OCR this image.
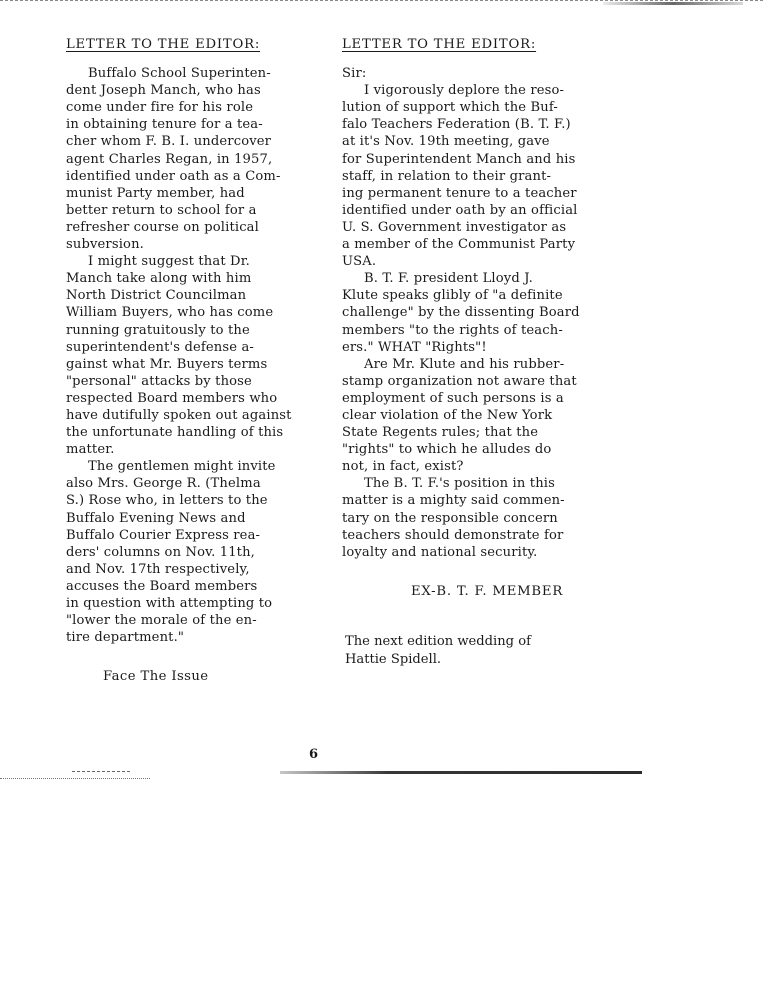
LETTER TO THE EDITOR:
Buffalo School Superinten-
dent Joseph Manch, who has
come under fire for his role
in obtaining tenure for a tea-
cher whom F. B. I. undercover
agent Charles Regan, in 1957,
identified under oath as a Com-
munist Party member, had
better return to school for a
refresher course on political
subversion.
I might suggest that Dr.
Manch take along with him
North District Councilman
William Buyers, who has come
running gratuitously to the
superintendent's defense a-
gainst what Mr. Buyers terms
"personal" attacks by those
respected Board members who
have dutifully spoken out against
the unfortunate handling of this
matter.
The gentlemen might invite
also Mrs. George R. (Thelma
S.) Rose who, in letters to the
Buffalo Evening News and
Buffalo Courier Express rea-
ders' columns on Nov. 11th,
and Nov. 17th respectively,
accuses the Board members
in question with attempting to
"lower the morale of the en-
tire department."
LETTER TO THE EDITOR:
Sir:
I vigorously deplore the reso-
lution of support which the Buf-
falo Teachers Federation (B. T. F.)
at it's Nov. 19th meeting, gave
for Superintendent Manch and his
staff, in relation to their grant-
ing permanent tenure to a teacher
identified under oath by an official
U. S. Government investigator as
a member of the Communist Party
USA.
B. T. F. president Lloyd J.
Klute speaks glibly of "a definite
challenge" by the dissenting Board
members "to the rights of teach-
ers." WHAT "Rights"!
Are Mr. Klute and his rubber-
stamp organization not aware that
employment of such persons is a
clear violation of the New York
State Regents rules; that the
"rights" to which he alludes do
not, in fact, exist?
The B. T. F.'s position in this
matter is a mighty said commen-
tary on the responsible concern
teachers should demonstrate for
loyalty and national security.
EX-B. T. F. MEMBER
The next edition wedding of
Hattie Spidell.
Face The Issue
6
